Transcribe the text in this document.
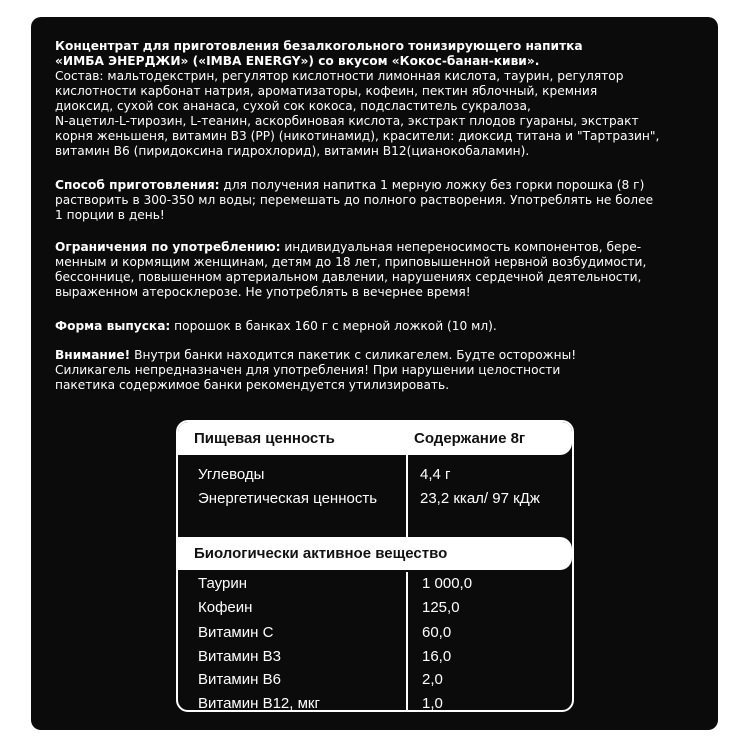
Концентрат для приготовления безалкогольного тонизирующего напитка
«ИМБА ЭНЕРДЖИ» («IMBA ENERGY») со вкусом «Кокос-банан-киви».
Состав: мальтодекстрин, регулятор кислотности лимонная кислота, таурин, регулятор
кислотности карбонат натрия, ароматизаторы, кофеин, пектин яблочный, кремния
диоксид, сухой сок ананаса, сухой сок кокоса, подсластитель сукралоза,
N-ацетил-L-тирозин, L-теанин, аскорбиновая кислота, экстракт плодов гуараны, экстракт
корня женьшеня, витамин В3 (РР) (никотинамид), красители: диоксид титана и "Тартразин",
витамин В6 (пиридоксина гидрохлорид), витамин В12(цианокобаламин).
Способ приготовления: для получения напитка 1 мерную ложку без горки порошка (8 г)
растворить в 300-350 мл воды; перемешать до полного растворения. Употреблять не более
1 порции в день!
Ограничения по употреблению: индивидуальная непереносимость компонентов, бере-
менным и кормящим женщинам, детям до 18 лет, приповышенной нервной возбудимости,
бессоннице, повышенном артериальном давлении, нарушениях сердечной деятельности,
выраженном атеросклерозе. Не употреблять в вечернее время!
Форма выпуска: порошок в банках 160 г с мерной ложкой (10 мл).
Внимание! Внутри банки находится пакетик с силикагелем. Будте осторожны!
Силикагель непредназначен для употребления! При нарушении целостности
пакетика содержимое банки рекомендуется утилизировать.
Пищевая ценность	Содержание 8г
Углеводы	4,4 г
Энергетическая ценность	23,2 ккал/ 97 кДж
Биологически активное вещество
Таурин	1 000,0
Кофеин	125,0
Витамин С	60,0
Витамин В3	16,0
Витамин В6	2,0
Витамин В12, мкг	1,0
